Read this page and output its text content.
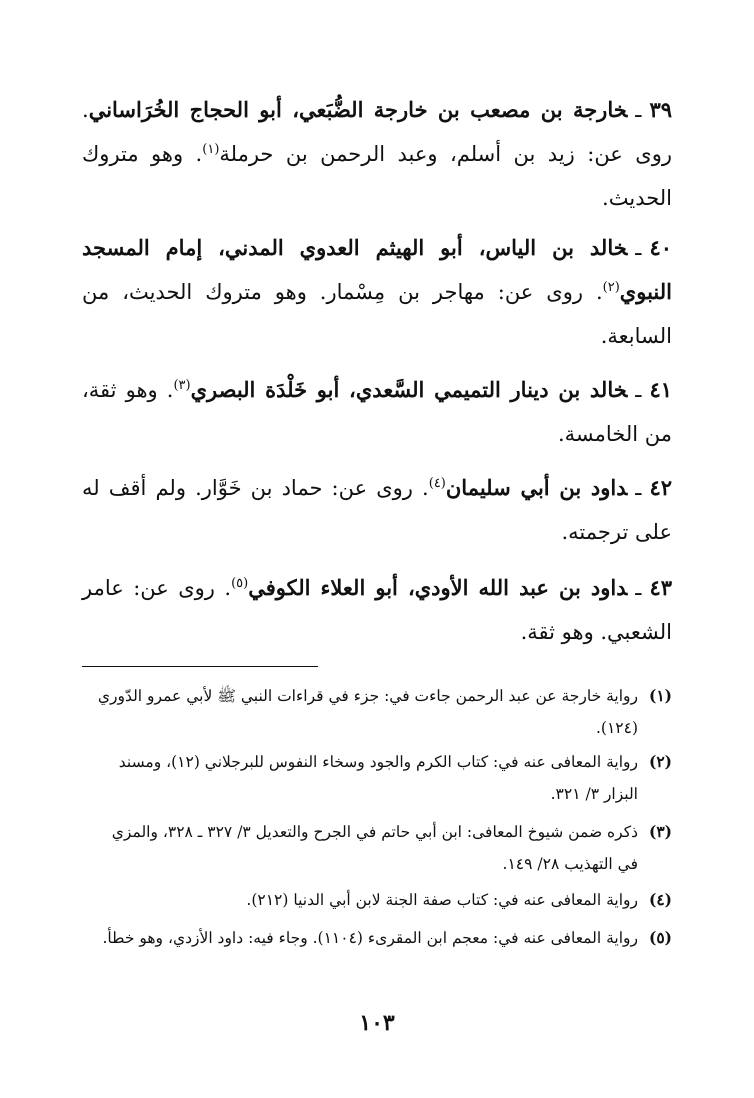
٣٩ـخارجة بن مصعب بن خارجة الضُّبَعي، أبو الحجاج الخُرَاساني. روى عن: زيد بن أسلم، وعبد الرحمن بن حرملة$^{(١)}$. وهو متروك الحديث.
٤٠ـخالد بن الياس، أبو الهيثم العدوي المدني، إمام المسجد النبوي$^{(٢)}$. روى عن: مهاجر بن مِسْمار. وهو متروك الحديث، من السابعة.
٤١ـخالد بن دينار التميمي السَّعدي، أبو خَلْدَة البصري$^{(٣)}$. وهو ثقة، من الخامسة.
٤٢ـداود بن أبي سليمان$^{(٤)}$. روى عن: حماد بن خَوَّار. ولم أقف له على ترجمته.
٤٣ـداود بن عبد الله الأودي، أبو العلاء الكوفي$^{(٥)}$. روى عن: عامر الشعبي. وهو ثقة.
(١)رواية خارجة عن عبد الرحمن جاءت في: جزء في قراءات النبي ﷺ لأبي عمرو الدّوري (١٢٤).
(٢)رواية المعافى عنه في: كتاب الكرم والجود وسخاء النفوس للبرجلاني (١٢)، ومسند البزار ٣/ ٣٢١.
(٣)ذكره ضمن شيوخ المعافى: ابن أبي حاتم في الجرح والتعديل ٣/ ٣٢٧ ـ ٣٢٨، والمزي في التهذيب ٢٨/ ١٤٩.
(٤)رواية المعافى عنه في: كتاب صفة الجنة لابن أبي الدنيا (٢١٢).
(٥)رواية المعافى عنه في: معجم ابن المقرىء (١١٠٤). وجاء فيه: داود الأزدي، وهو خطأ.
١٠٣
